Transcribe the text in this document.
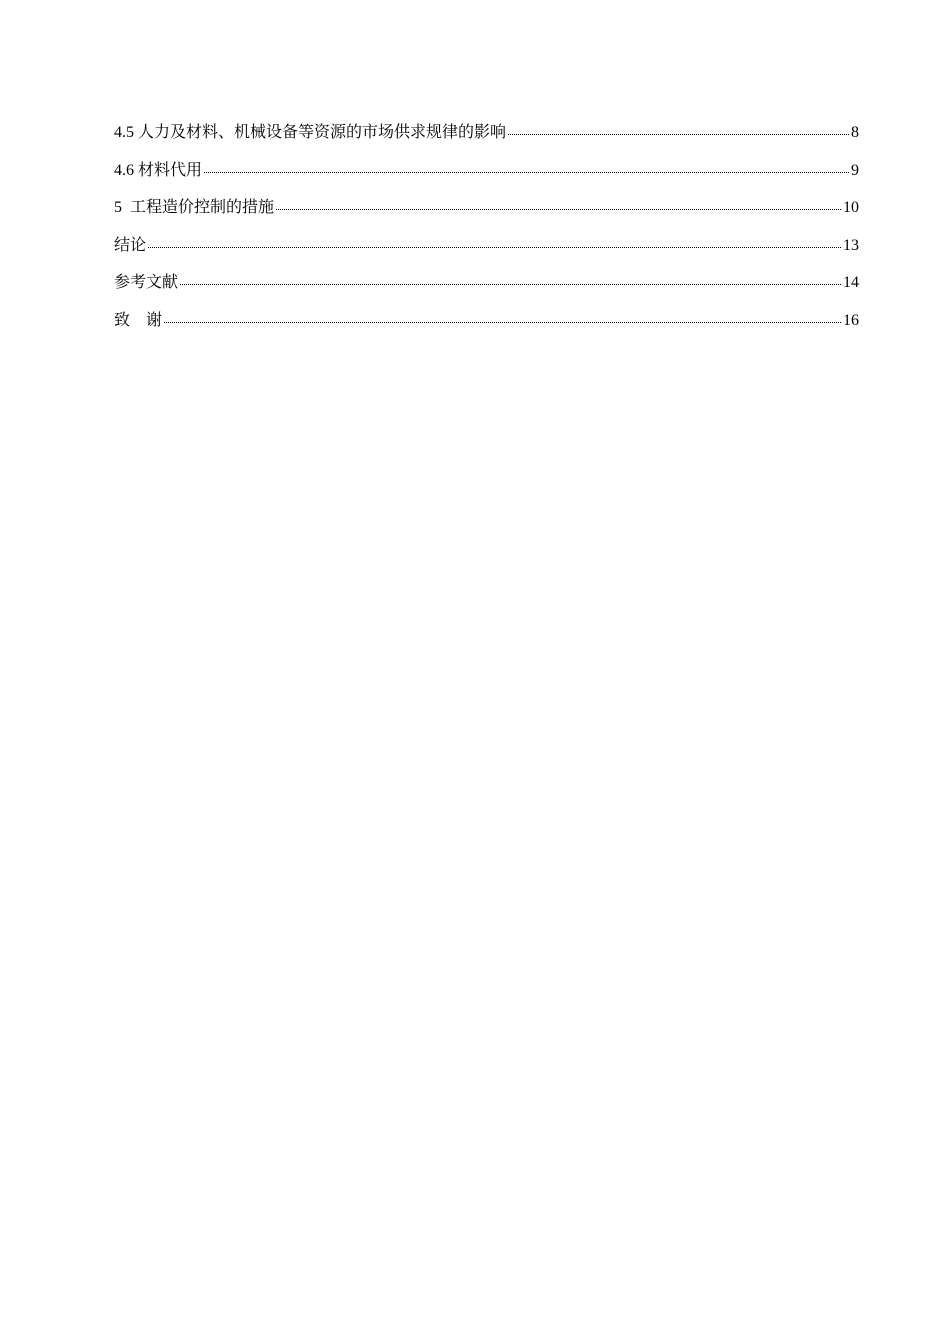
4.5 人力及材料、机械设备等资源的市场供求规律的影响	8
4.6 材料代用	9
5 工程造价控制的措施	10
结论	13
参考文献	14
致　谢	16
